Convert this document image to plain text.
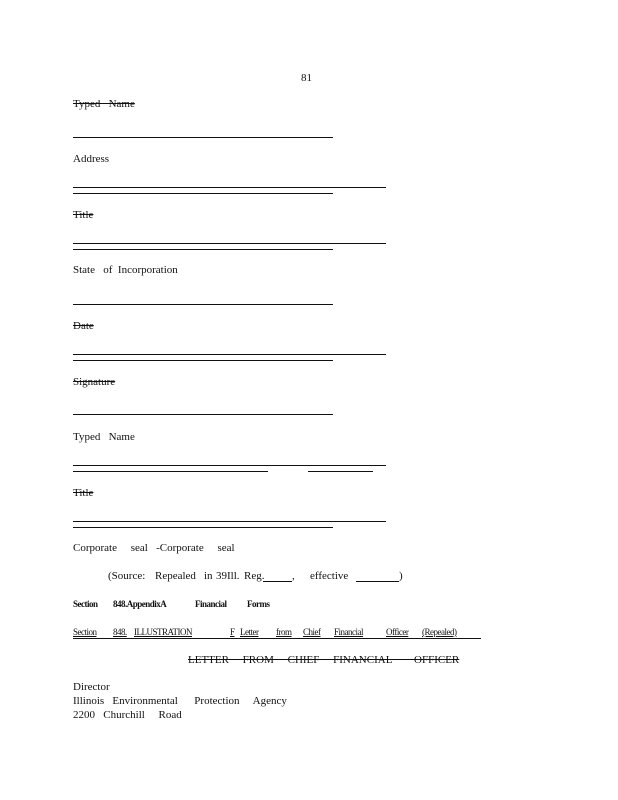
81
Typed   Name
Address
Title
State   of  Incorporation
Date
Signature
Typed   Name
Title
Corporate     seal   -Corporate     seal
(Source: Repealed in 39Ill. Reg.	, effective	)
Section 848.AppendixA	Financial Forms
Section 848. ILLUSTRATION	F Letter from Chief Financial	Officer (Repealed)
LETTER     FROM     CHIEF     FINANCIAL        OFFICER
Director
Illinois   Environmental      Protection     Agency
2200   Churchill     Road
